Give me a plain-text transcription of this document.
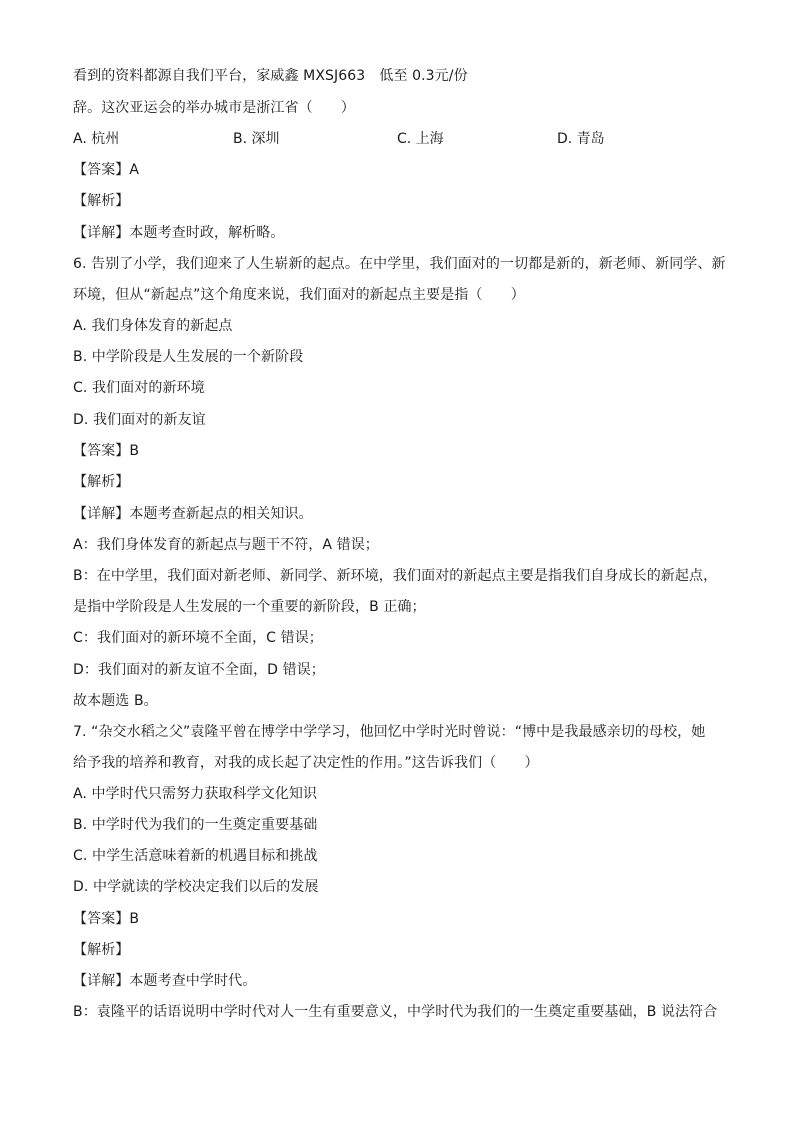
看到的资料都源自我们平台，家威鑫 MXSJ663　低至 0.3元/份
辞。这次亚运会的举办城市是浙江省（　　）
A. 杭州	B. 深圳	C. 上海	D. 青岛
【答案】A
【解析】
【详解】本题考查时政，解析略。
6. 告别了小学，我们迎来了人生崭新的起点。在中学里，我们面对的一切都是新的，新老师、新同学、新
环境，但从“新起点”这个角度来说，我们面对的新起点主要是指（　　）
A. 我们身体发育的新起点
B. 中学阶段是人生发展的一个新阶段
C. 我们面对的新环境
D. 我们面对的新友谊
【答案】B
【解析】
【详解】本题考查新起点的相关知识。
A：我们身体发育的新起点与题干不符，A 错误；
B：在中学里，我们面对新老师、新同学、新环境，我们面对的新起点主要是指我们自身成长的新起点，
是指中学阶段是人生发展的一个重要的新阶段，B 正确；
C：我们面对的新环境不全面，C 错误；
D：我们面对的新友谊不全面，D 错误；
故本题选 B。
7. “杂交水稻之父”袁隆平曾在博学中学学习，他回忆中学时光时曾说：“博中是我最感亲切的母校，她
给予我的培养和教育，对我的成长起了决定性的作用。”这告诉我们（　　）
A. 中学时代只需努力获取科学文化知识
B. 中学时代为我们的一生奠定重要基础
C. 中学生活意味着新的机遇目标和挑战
D. 中学就读的学校决定我们以后的发展
【答案】B
【解析】
【详解】本题考查中学时代。
B：袁隆平的话语说明中学时代对人一生有重要意义，中学时代为我们的一生奠定重要基础，B 说法符合
